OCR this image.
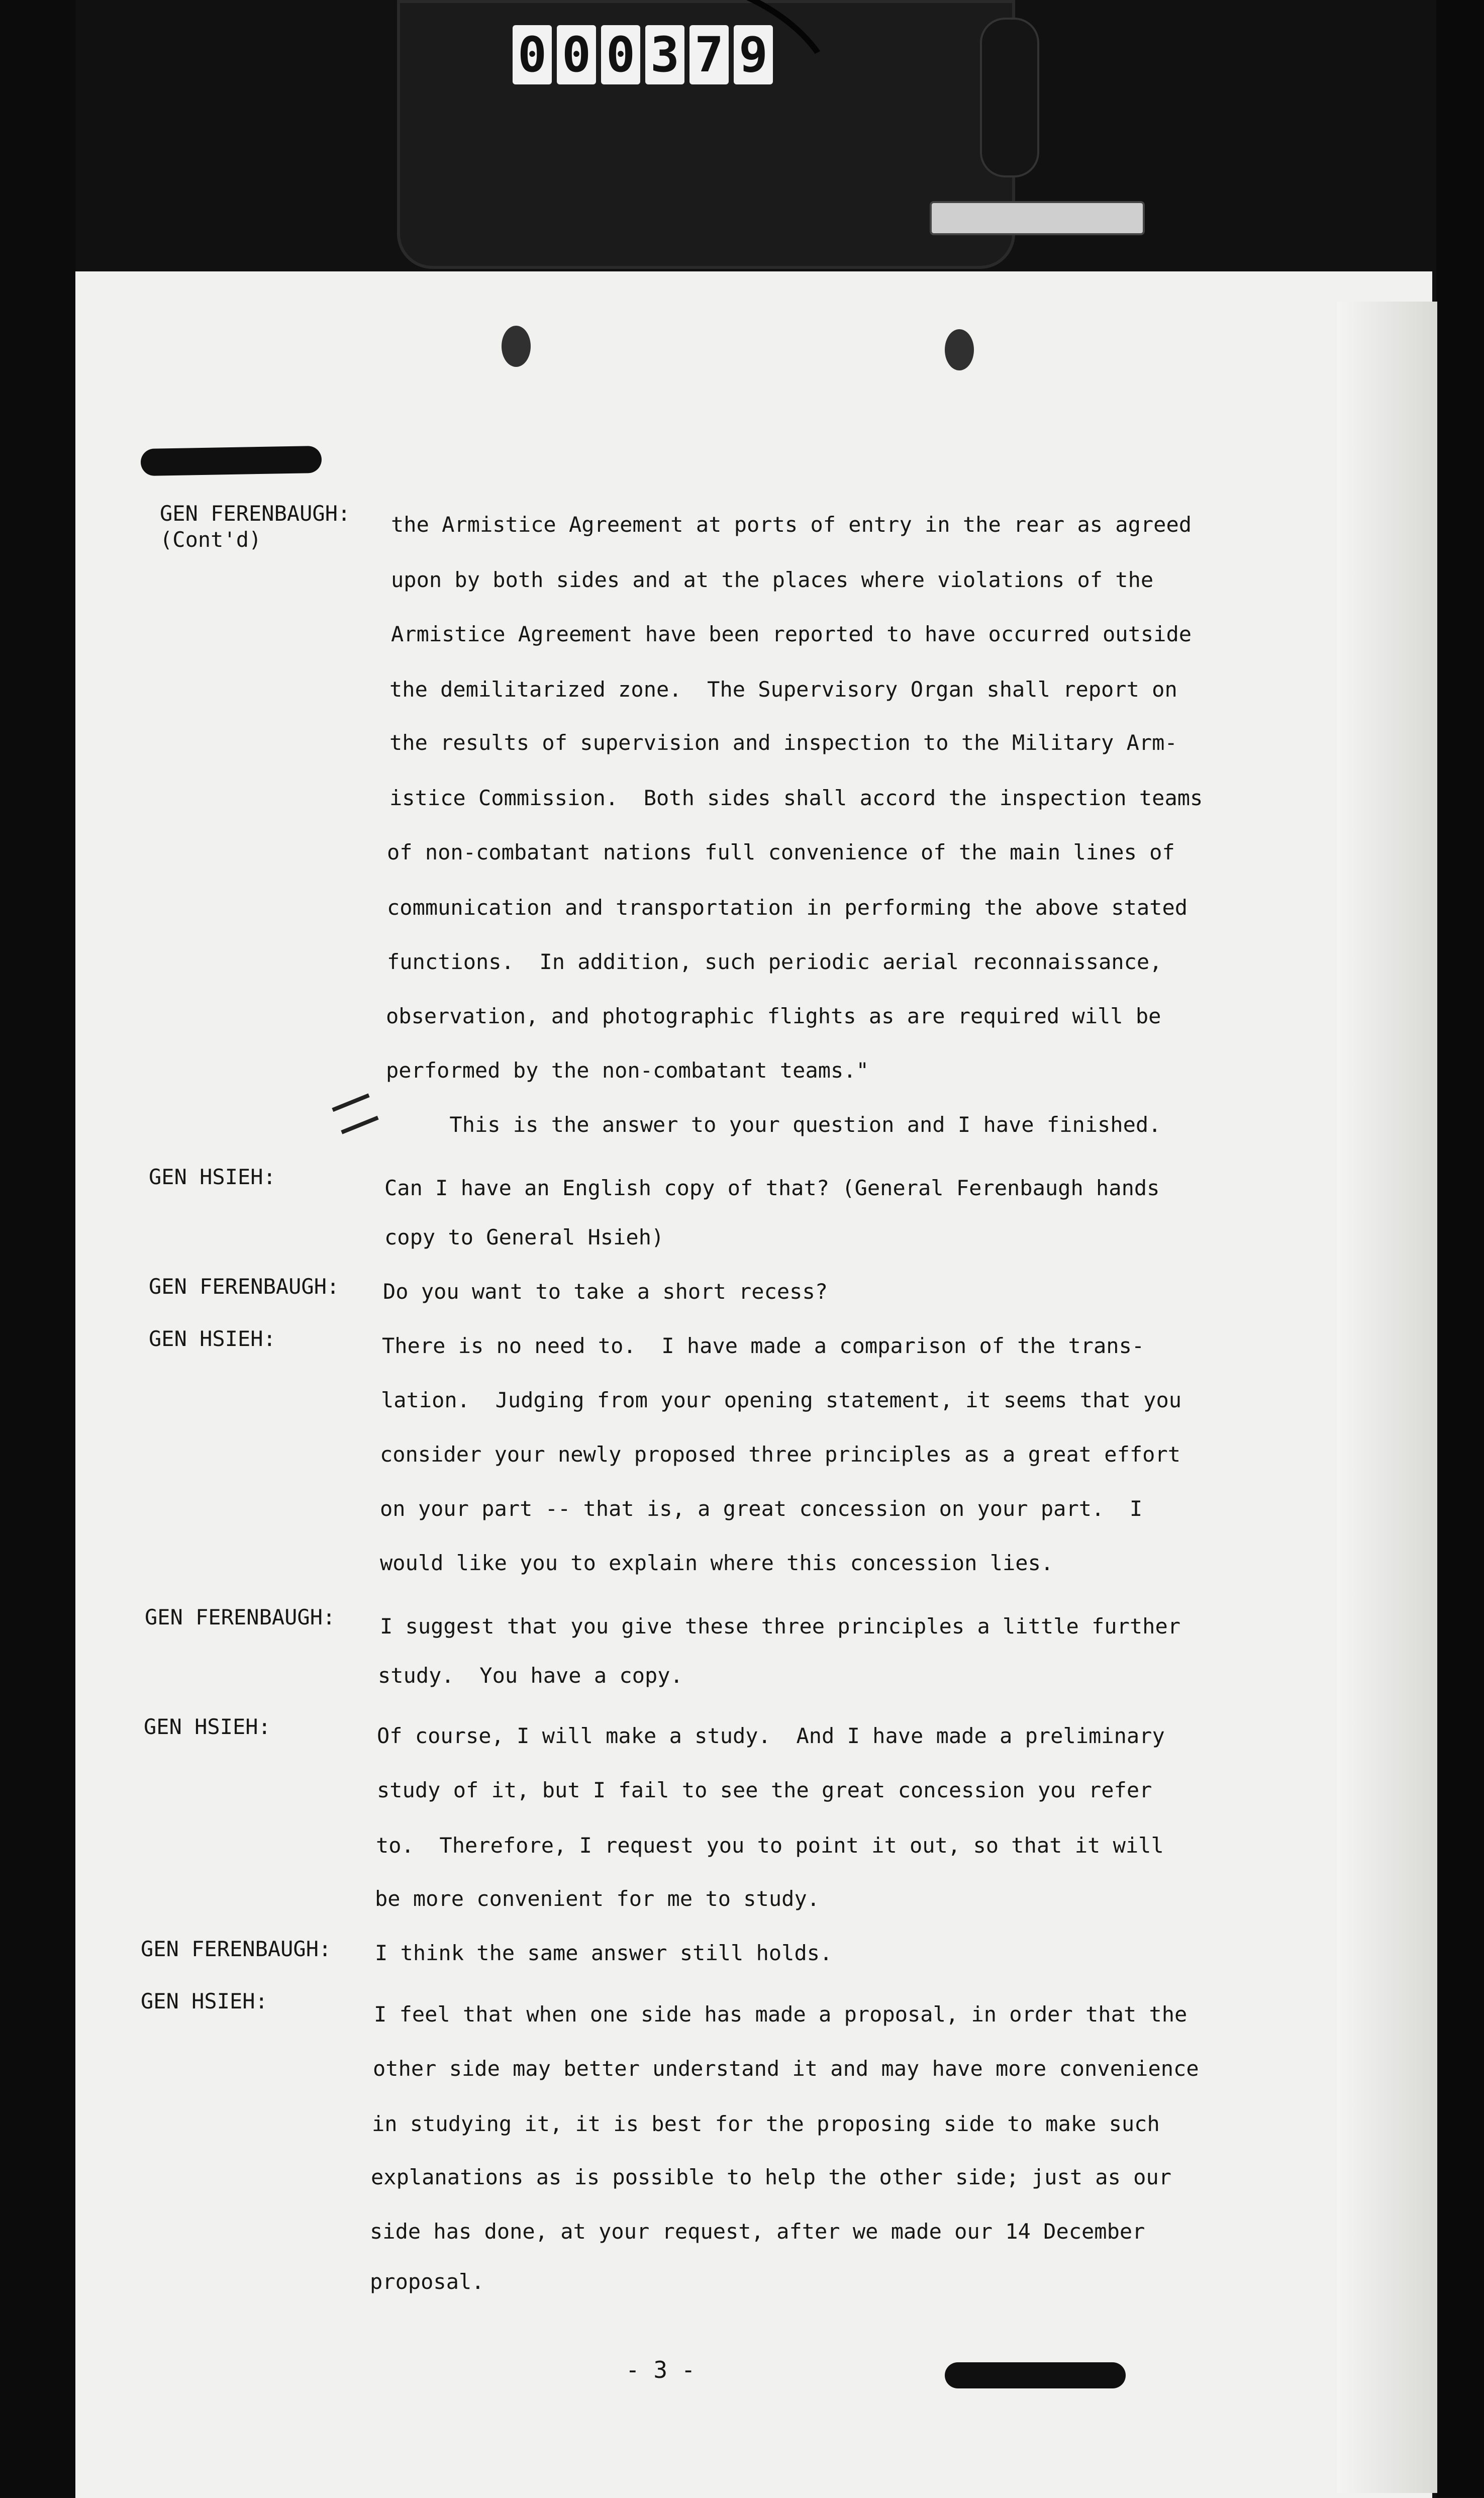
0 0 0 3 7 9
GEN FERENBAUGH:
(Cont'd)
the Armistice Agreement at ports of entry in the rear as agreed
upon by both sides and at the places where violations of the
Armistice Agreement have been reported to have occurred outside
the demilitarized zone.  The Supervisory Organ shall report on
the results of supervision and inspection to the Military Arm-
istice Commission.  Both sides shall accord the inspection teams
of non-combatant nations full convenience of the main lines of
communication and transportation in performing the above stated
functions.  In addition, such periodic aerial reconnaissance,
observation, and photographic flights as are required will be
performed by the non-combatant teams."
This is the answer to your question and I have finished.
GEN HSIEH:	Can I have an English copy of that? (General Ferenbaugh hands
copy to General Hsieh)
GEN FERENBAUGH: Do you want to take a short recess?
GEN HSIEH:	There is no need to.  I have made a comparison of the trans-
lation.  Judging from your opening statement, it seems that you
consider your newly proposed three principles as a great effort
on your part -- that is, a great concession on your part.  I
would like you to explain where this concession lies.
GEN FERENBAUGH: I suggest that you give these three principles a little further
study.  You have a copy.
GEN HSIEH:	Of course, I will make a study.  And I have made a preliminary
study of it, but I fail to see the great concession you refer
to.  Therefore, I request you to point it out, so that it will
be more convenient for me to study.
GEN FERENBAUGH: I think the same answer still holds.
GEN HSIEH:
I feel that when one side has made a proposal, in order that the
other side may better understand it and may have more convenience
in studying it, it is best for the proposing side to make such
explanations as is possible to help the other side; just as our
side has done, at your request, after we made our 14 December
proposal.
- 3 -
